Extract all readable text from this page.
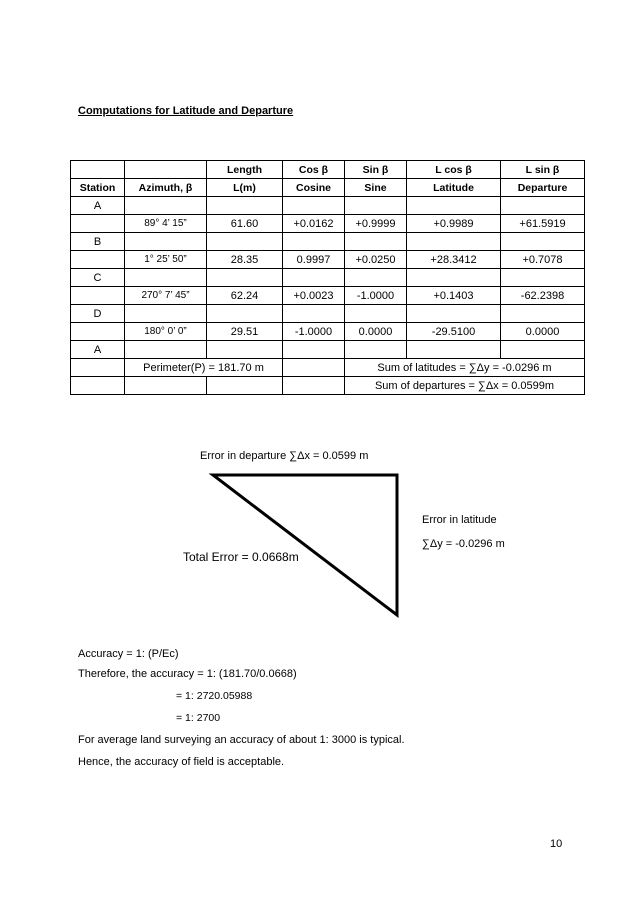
Computations for Latitude and Departure
		Length	Cos β	Sin β	L cos β	L sin β
Station	Azimuth, β	L(m)	Cosine	Sine	Latitude	Departure
A						
	89° 4’ 15”	61.60	+0.0162	+0.9999	+0.9989	+61.5919
B						
	1° 25’ 50”	28.35	0.9997	+0.0250	+28.3412	+0.7078
C						
	270° 7’ 45”	62.24	+0.0023	-1.0000	+0.1403	-62.2398
D						
	180° 0’ 0”	29.51	-1.0000	0.0000	-29.5100	0.0000
A						
	Perimeter(P) = 181.70 m			Sum of latitudes = ∑Δy = -0.0296 m		
				Sum of departures = ∑Δx = 0.0599m		
Error in departure ∑Δx = 0.0599 m
Error in latitude
∑Δy = -0.0296 m
Total Error = 0.0668m
Accuracy = 1: (P/Ec)
Therefore, the accuracy = 1: (181.70/0.0668)
= 1: 2720.05988
= 1: 2700
For average land surveying an accuracy of about 1: 3000 is typical.
Hence, the accuracy of field is acceptable.
10
